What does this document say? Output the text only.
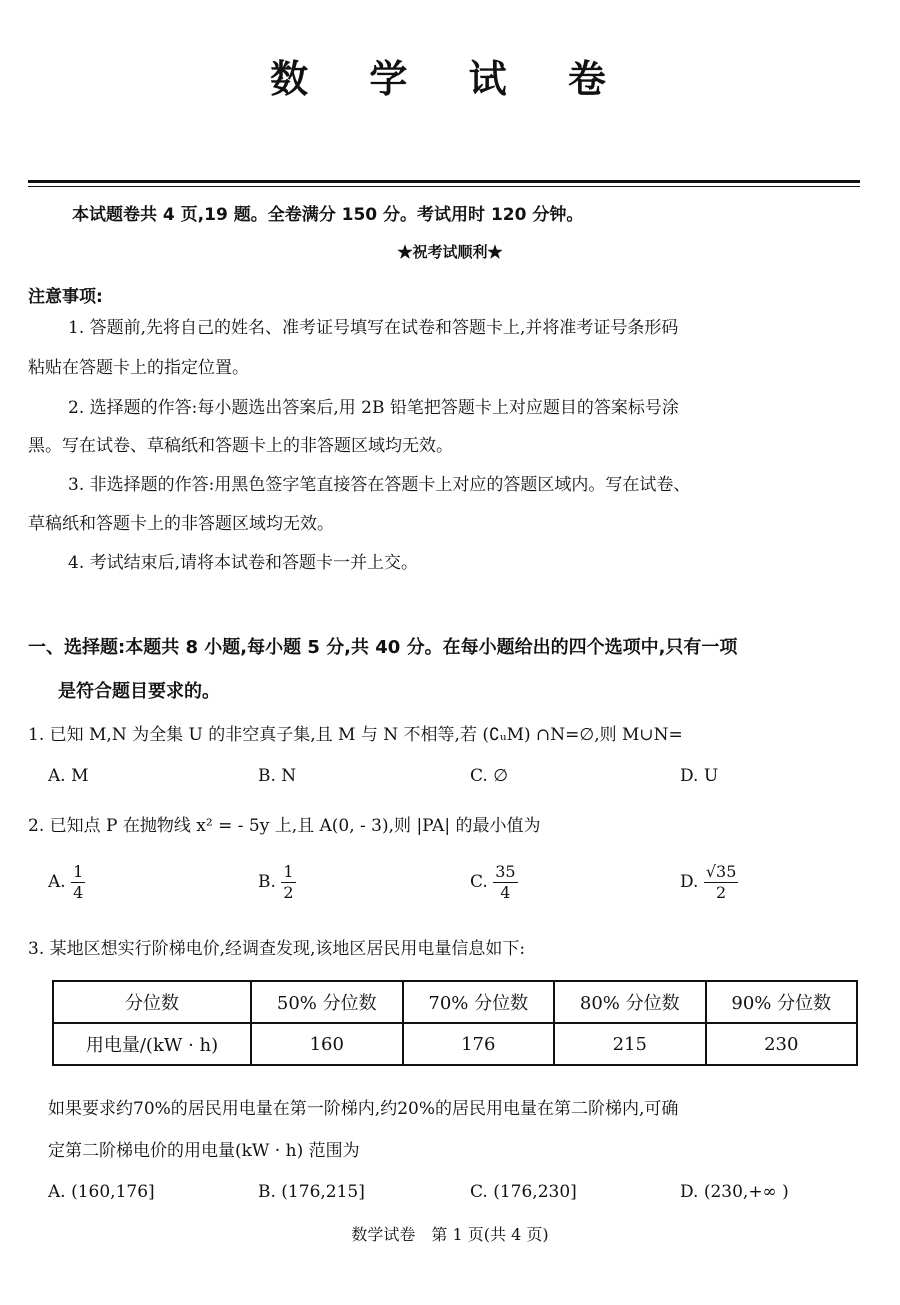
数 学 试 卷
本试题卷共 4 页,19 题。全卷满分 150 分。考试用时 120 分钟。
★祝考试顺利★
注意事项:
1. 答题前,先将自己的姓名、准考证号填写在试卷和答题卡上,并将准考证号条形码
粘贴在答题卡上的指定位置。
2. 选择题的作答:每小题选出答案后,用 2B 铅笔把答题卡上对应题目的答案标号涂
黑。写在试卷、草稿纸和答题卡上的非答题区域均无效。
3. 非选择题的作答:用黑色签字笔直接答在答题卡上对应的答题区域内。写在试卷、
草稿纸和答题卡上的非答题区域均无效。
4. 考试结束后,请将本试卷和答题卡一并上交。
一、选择题:本题共 8 小题,每小题 5 分,共 40 分。在每小题给出的四个选项中,只有一项
是符合题目要求的。
1. 已知 M,N 为全集 U 的非空真子集,且 M 与 N 不相等,若 (∁ᵤM) ∩N=∅,则 M∪N=
A. M	B. N	C. ∅	D. U
2. 已知点 P 在抛物线 x² = - 5y 上,且 A(0, - 3),则 |PA| 的最小值为
A. $\frac{1}{4}$	B. $\frac{1}{2}$	C. $\frac{35}{4}$	D. $\frac{√35}{2}$
3. 某地区想实行阶梯电价,经调查发现,该地区居民用电量信息如下:
分位数	50% 分位数	70% 分位数	80% 分位数	90% 分位数
用电量/(kW · h)	160	176	215	230
如果要求约70%的居民用电量在第一阶梯内,约20%的居民用电量在第二阶梯内,可确
定第二阶梯电价的用电量(kW · h) 范围为
A. (160,176]	B. (176,215]	C. (176,230]	D. (230,+∞ )
数学试卷　第 1 页(共 4 页)
